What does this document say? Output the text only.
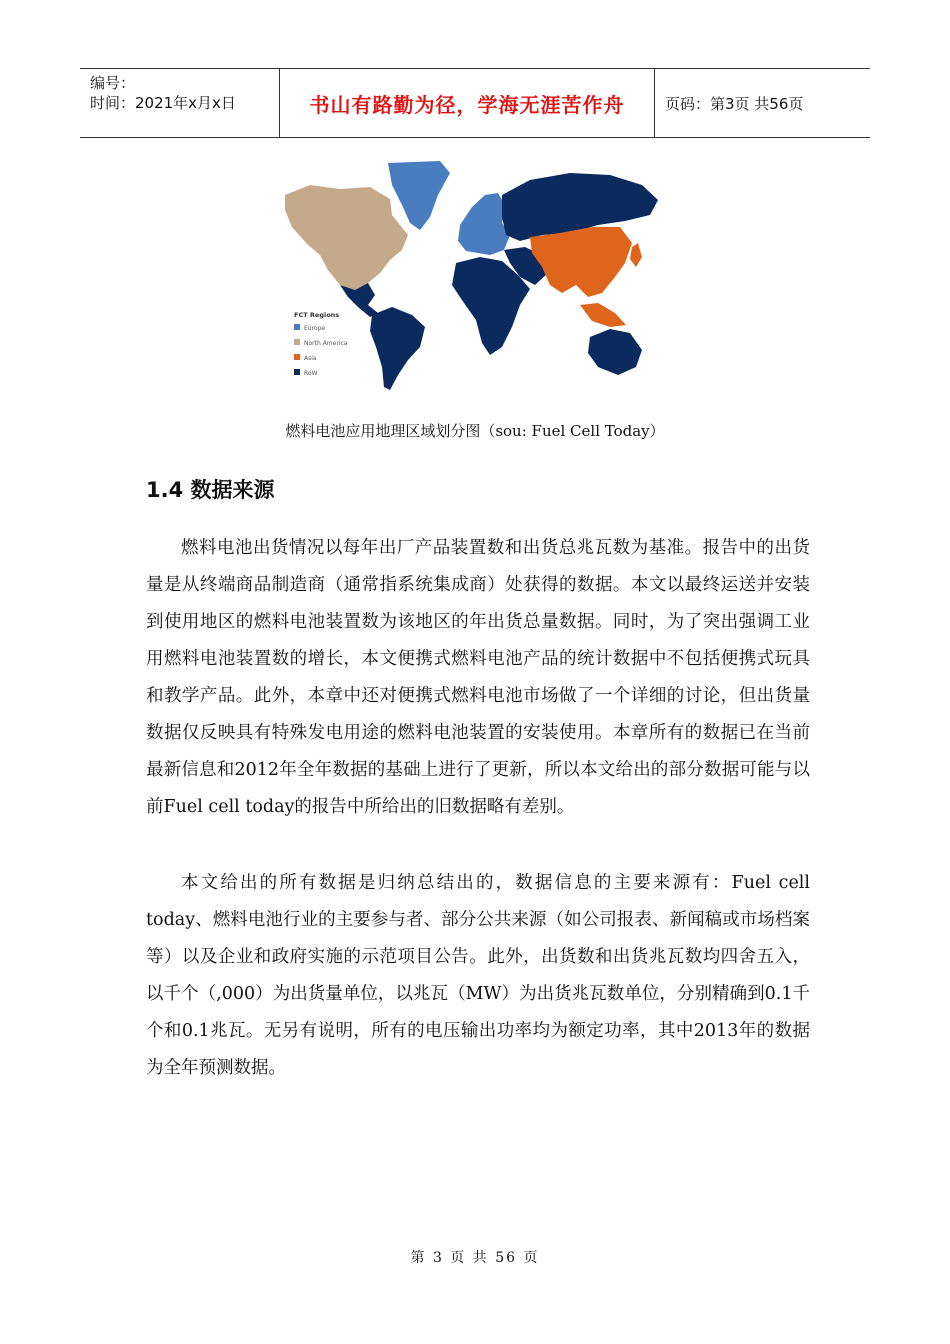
编号：
时间：2021年x月x日	书山有路勤为径，学海无涯苦作舟	页码：第3页 共56页
FCT Regions
Europe
North America
Asia
RoW
燃料电池应用地理区域划分图（sou: Fuel Cell Today）
1.4 数据来源

燃料电池出货情况以每年出厂产品装置数和出货总兆瓦数为基准。报告中的出货量是从终端商品制造商（通常指系统集成商）处获得的数据。本文以最终运送并安装到使用地区的燃料电池装置数为该地区的年出货总量数据。同时，为了突出强调工业用燃料电池装置数的增长，本文便携式燃料电池产品的统计数据中不包括便携式玩具和教学产品。此外，本章中还对便携式燃料电池市场做了一个详细的讨论，但出货量数据仅反映具有特殊发电用途的燃料电池装置的安装使用。本章所有的数据已在当前最新信息和2012年全年数据的基础上进行了更新，所以本文给出的部分数据可能与以前Fuel cell today的报告中所给出的旧数据略有差别。

本文给出的所有数据是归纳总结出的，数据信息的主要来源有：Fuel cell today、燃料电池行业的主要参与者、部分公共来源（如公司报表、新闻稿或市场档案等）以及企业和政府实施的示范项目公告。此外，出货数和出货兆瓦数均四舍五入，以千个（,000）为出货量单位，以兆瓦（MW）为出货兆瓦数单位，分别精确到0.1千个和0.1兆瓦。无另有说明，所有的电压输出功率均为额定功率，其中2013年的数据为全年预测数据。

第 3 页 共 56 页
